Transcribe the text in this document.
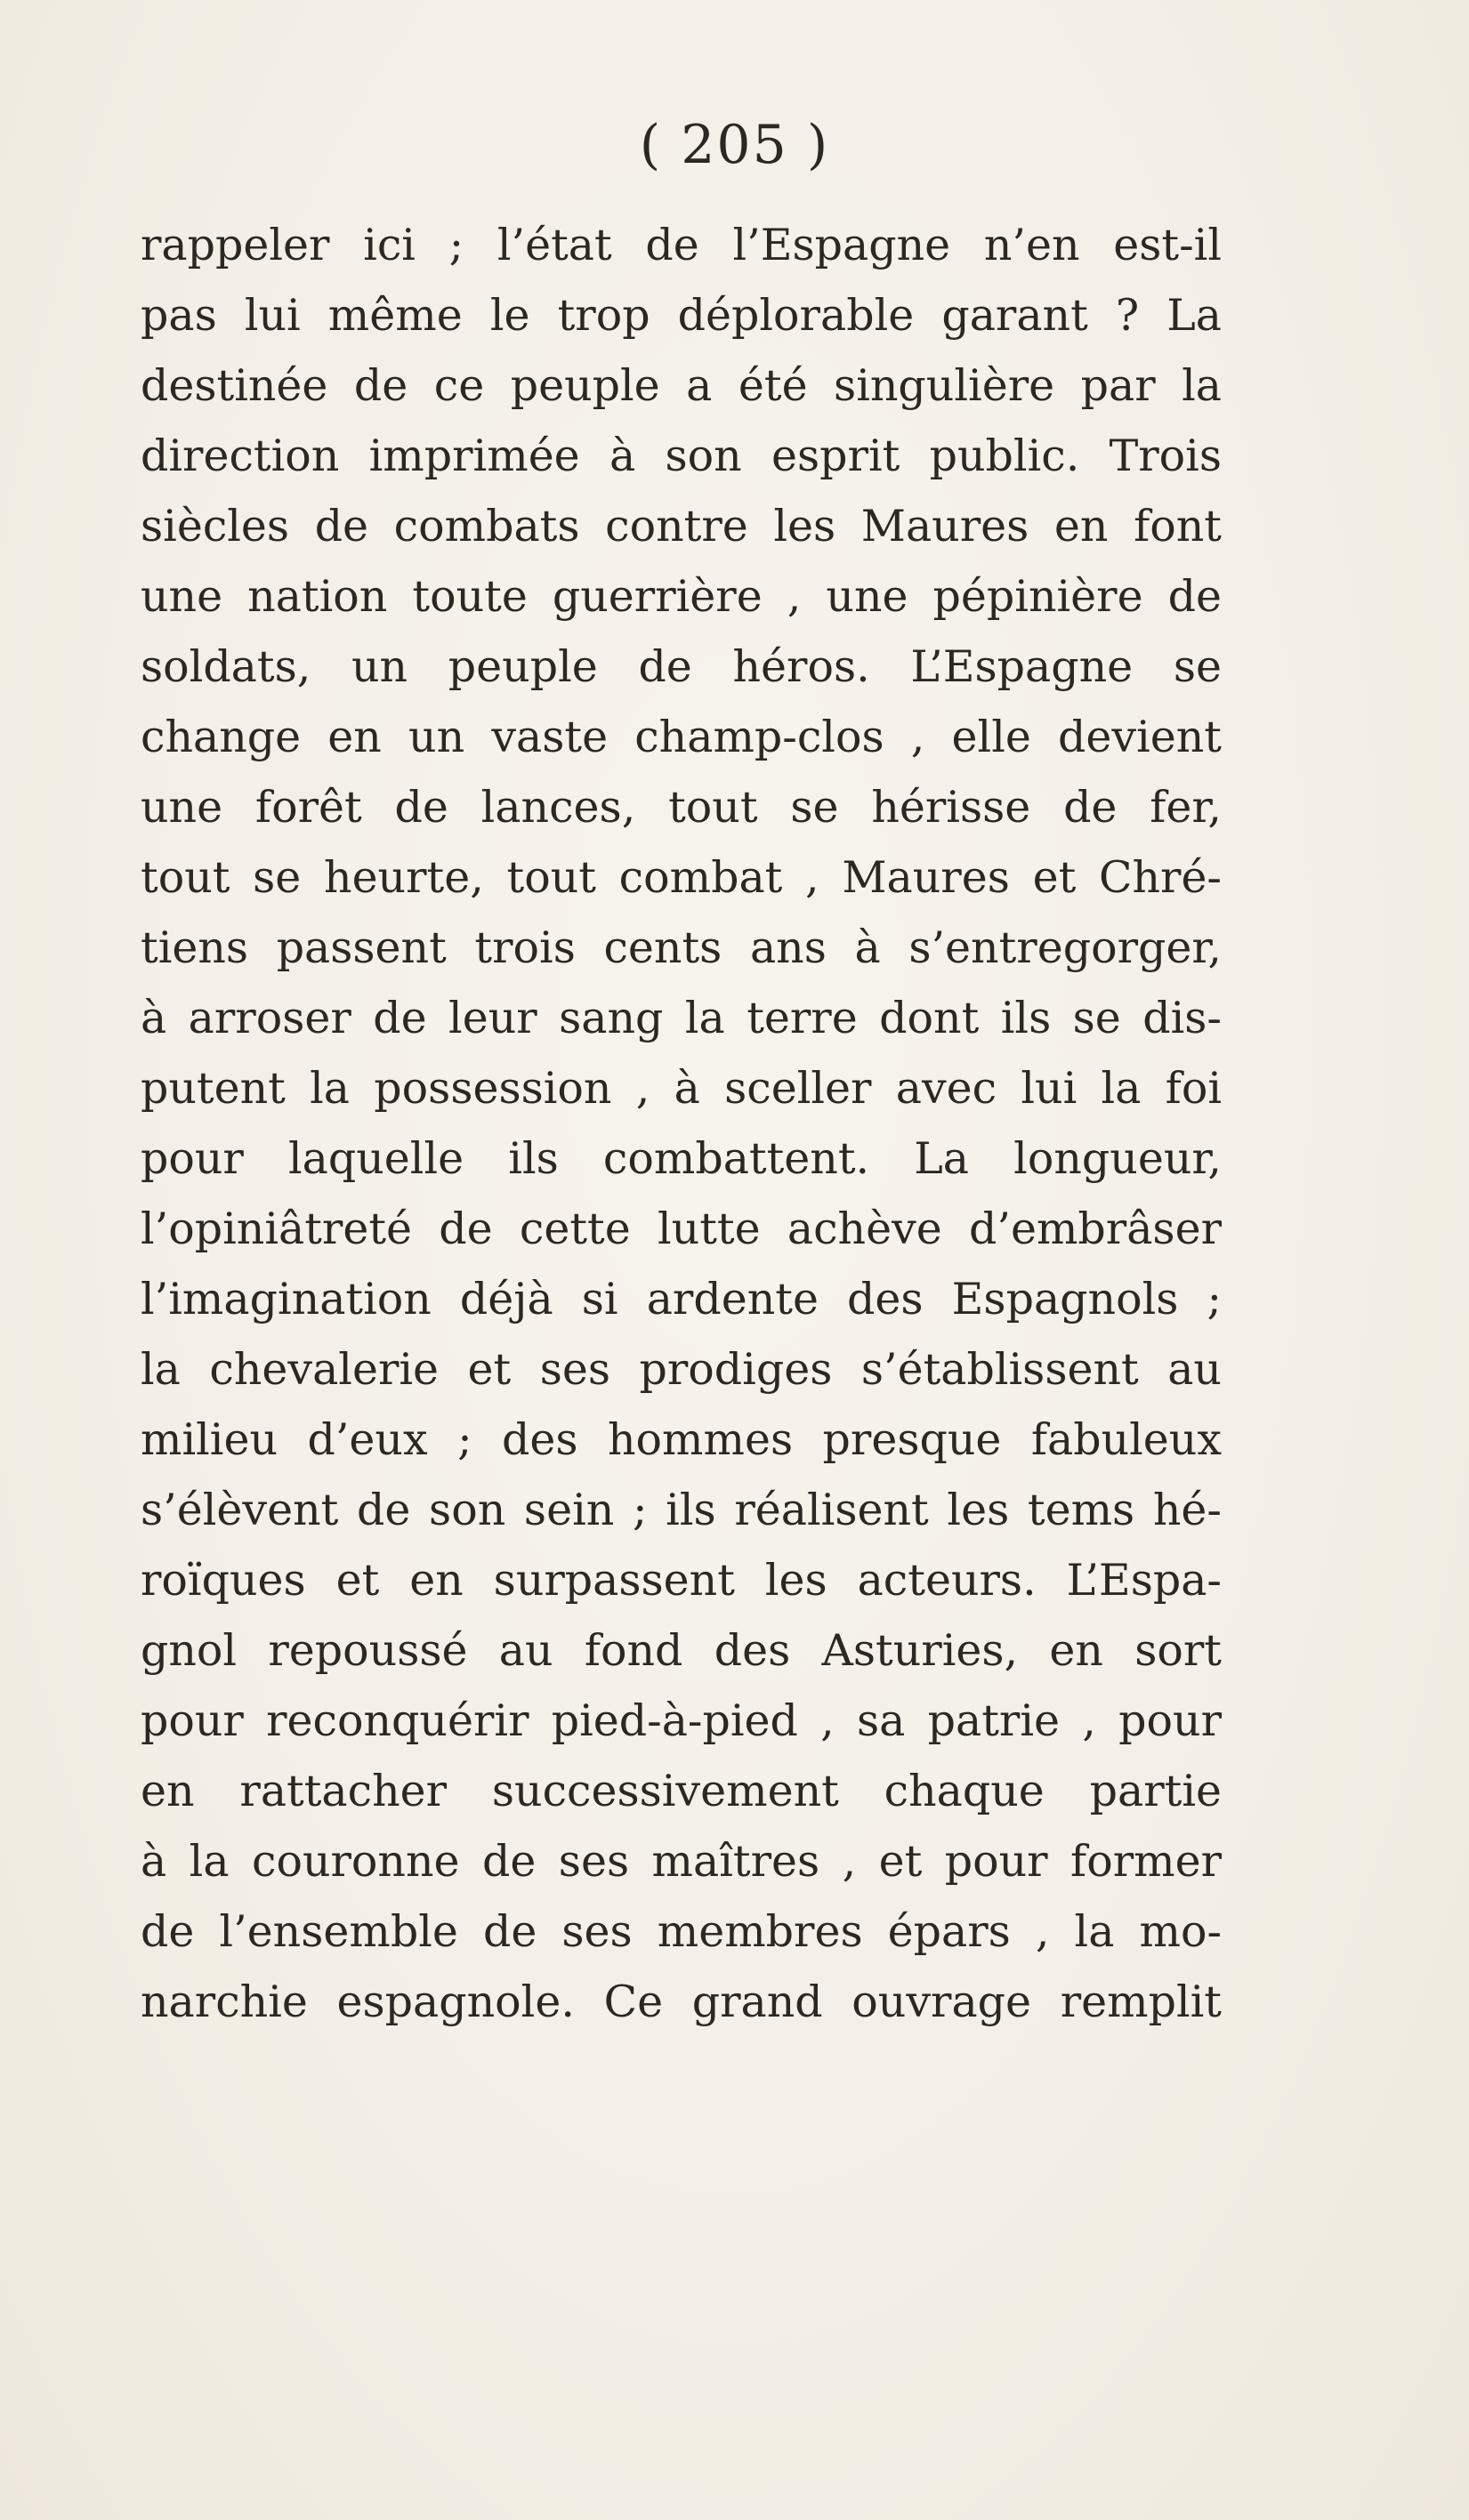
( 205 )
rappeler ici ; l’état de l’Espagne n’en est-il
pas lui même le trop déplorable garant ? La
destinée de ce peuple a été singulière par la
direction imprimée à son esprit public. Trois
siècles de combats contre les Maures en font
une nation toute guerrière , une pépinière de
soldats, un peuple de héros. L’Espagne se
change en un vaste champ-clos , elle devient
une forêt de lances, tout se hérisse de fer,
tout se heurte, tout combat , Maures et Chré-
tiens passent trois cents ans à s’entregorger,
à arroser de leur sang la terre dont ils se dis-
putent la possession , à sceller avec lui la foi
pour laquelle ils combattent. La longueur,
l’opiniâtreté de cette lutte achève d’embrâser
l’imagination déjà si ardente des Espagnols ;
la chevalerie et ses prodiges s’établissent au
milieu d’eux ; des hommes presque fabuleux
s’élèvent de son sein ; ils réalisent les tems hé-
roïques et en surpassent les acteurs. L’Espa-
gnol repoussé au fond des Asturies, en sort
pour reconquérir pied-à-pied , sa patrie , pour
en rattacher successivement chaque partie
à la couronne de ses maîtres , et pour former
de l’ensemble de ses membres épars , la mo-
narchie espagnole. Ce grand ouvrage remplit
